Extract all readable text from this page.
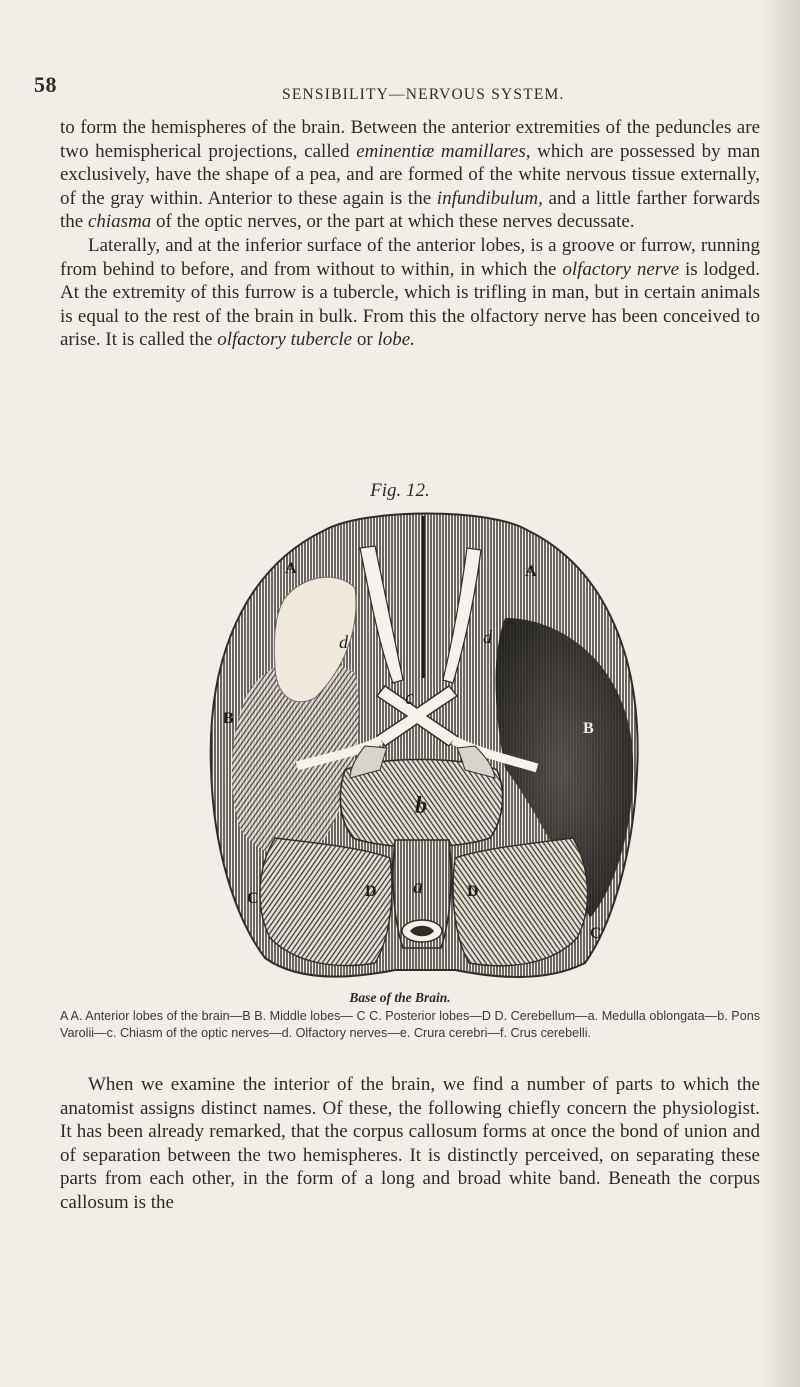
58	SENSIBILITY—NERVOUS SYSTEM.

to form the hemispheres of the brain. Between the anterior extremities of the peduncles are two hemispherical projections, called eminentiæ mamillares, which are possessed by man exclusively, have the shape of a pea, and are formed of the white nervous tissue externally, of the gray within. Anterior to these again is the infundibulum, and a little farther forwards the chiasma of the optic nerves, or the part at which these nerves decussate.

Laterally, and at the inferior surface of the anterior lobes, is a groove or furrow, running from behind to before, and from without to within, in which the olfactory nerve is lodged. At the extremity of this furrow is a tubercle, which is trifling in man, but in certain animals is equal to the rest of the brain in bulk. From this the olfactory nerve has been conceived to arise. It is called the olfactory tubercle or lobe.

Fig. 12.
A	A
d	d
B
B
c
b
a
D	D
C
C
Base of the Brain.
A A. Anterior lobes of the brain—B B. Middle lobes— C C. Posterior lobes—D D. Cerebellum—a. Medulla oblongata—b. Pons Varolii—c. Chiasm of the optic nerves—d. Olfactory nerves—e. Crura cerebri—f. Crus cerebelli.
When we examine the interior of the brain, we find a number of parts to which the anatomist assigns distinct names. Of these, the following chiefly concern the physiologist. It has been already remarked, that the corpus callosum forms at once the bond of union and of separation between the two hemispheres. It is distinctly perceived, on separating these parts from each other, in the form of a long and broad white band. Beneath the corpus callosum is the
